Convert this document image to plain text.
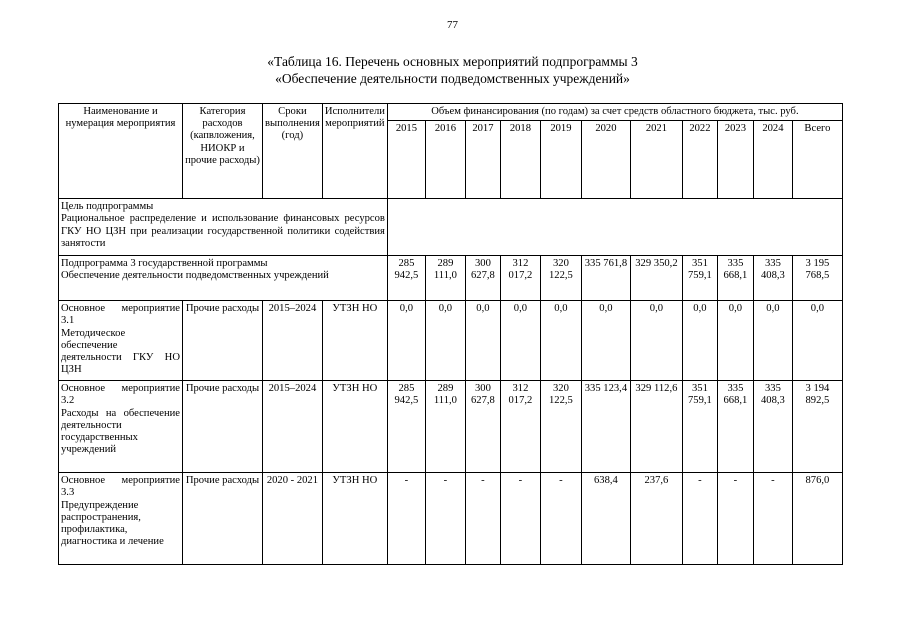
77
«Таблица 16. Перечень основных мероприятий подпрограммы 3
«Обеспечение деятельности подведомственных учреждений»
Наименование и нумерация мероприятия	Категория расходов (капвложения, НИОКР и прочие расходы)	Сроки выполнения (год)	Исполнители мероприятий	Объем финансирования (по годам) за счет средств областного бюджета, тыс. руб.										
				2015	2016	2017	2018	2019	2020	2021	2022	2023	2024	Всего

Цель подпрограммы
Рациональное распределение и использование финансовых ресурсов ГКУ НО ЦЗН при реализации государственной политики содействия занятости														

Подпрограмма 3 государственной программы
Обеспечение деятельности подведомственных учреждений				285 942,5	289 111,0	300 627,8	312 017,2	320 122,5	335 761,8	329 350,2	351 759,1	335 668,1	335 408,3	3 195 768,5

Основное мероприятие 3.1
Методическое обеспечение деятельности ГКУ НО ЦЗН	Прочие расходы	2015–2024	УТЗН НО	0,0	0,0	0,0	0,0	0,0	0,0	0,0	0,0	0,0	0,0	0,0

Основное мероприятие 3.2
Расходы на обеспечение деятельности государственных учреждений	Прочие расходы	2015–2024	УТЗН НО	285 942,5	289 111,0	300 627,8	312 017,2	320 122,5	335 123,4	329 112,6	351 759,1	335 668,1	335 408,3	3 194 892,5

Основное мероприятие 3.3
Предупреждение распространения, профилактика, диагностика и лечение	Прочие расходы	2020 - 2021	УТЗН НО	-	-	-	-	-	638,4	237,6	-	-	-	876,0
